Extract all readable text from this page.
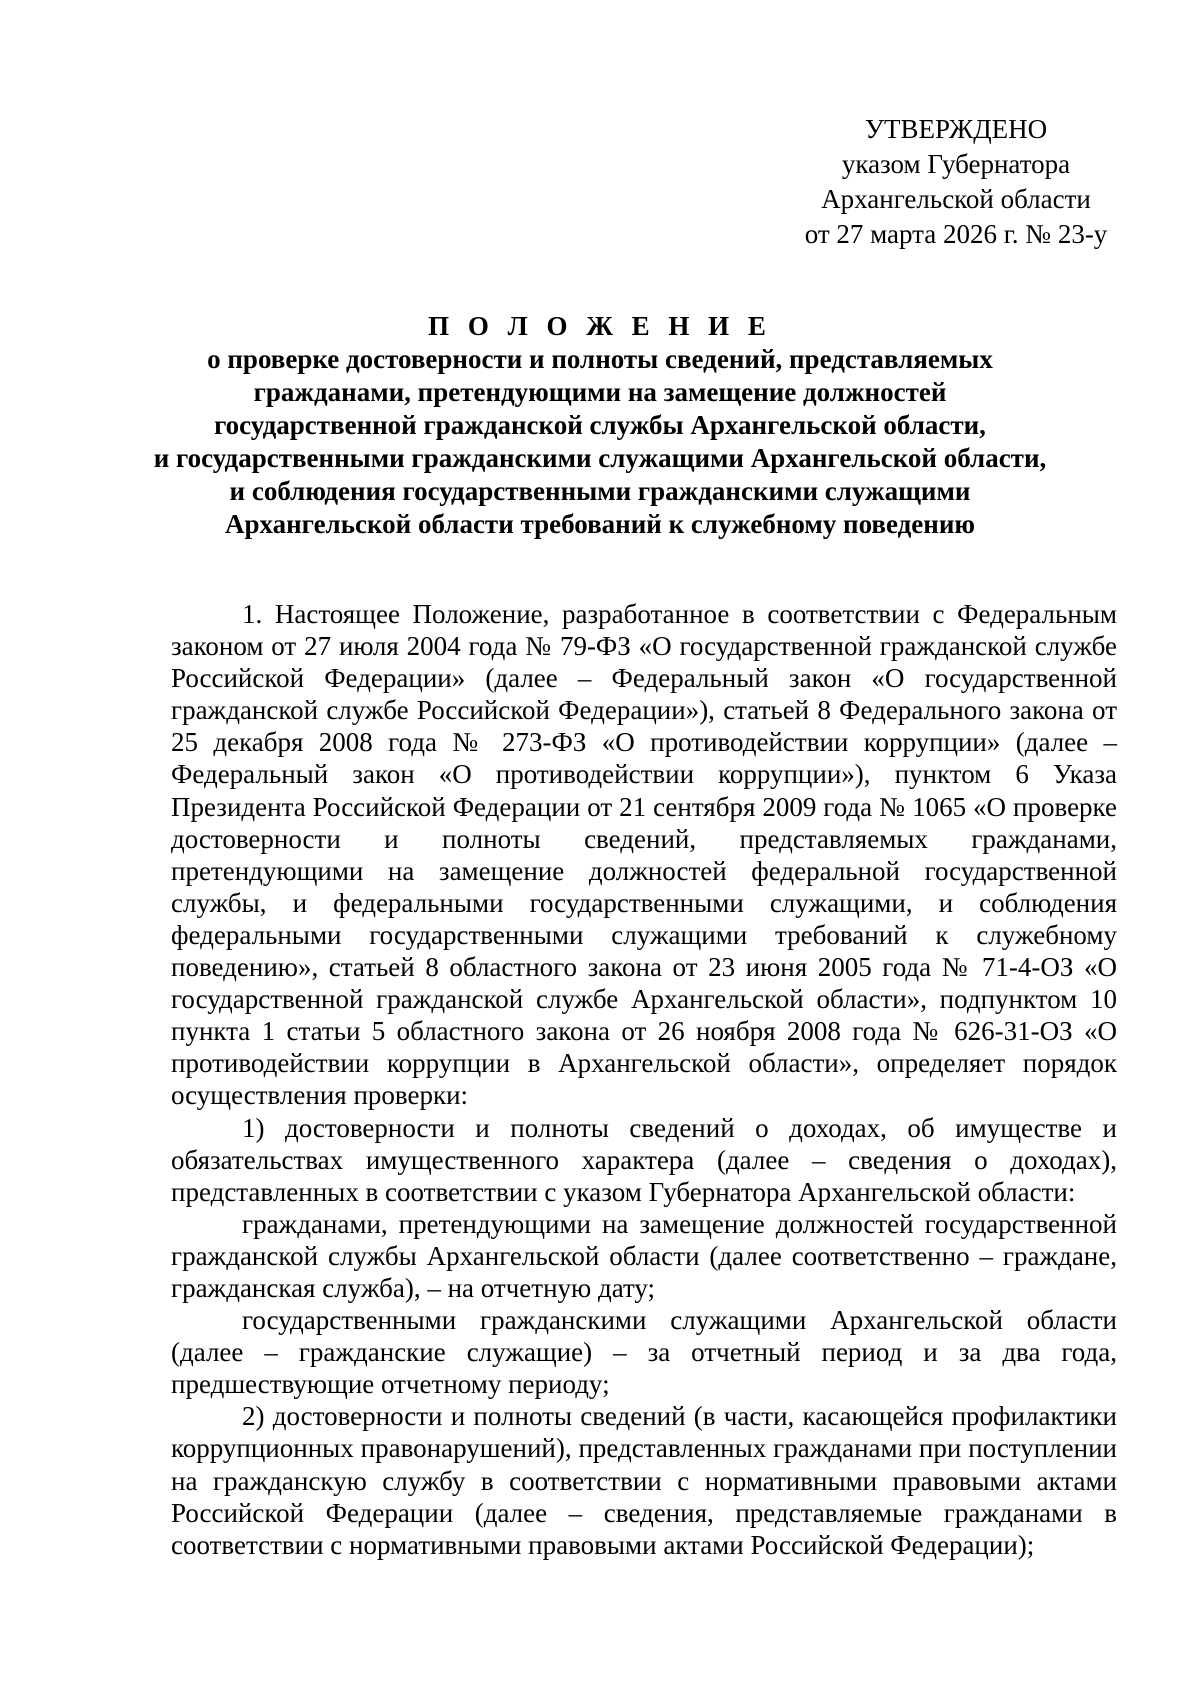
УТВЕРЖДЕНО
указом Губернатора
Архангельской области
от 27 марта 2026 г. № 23-у
П О Л О Ж Е Н И Е
о проверке достоверности и полноты сведений, представляемых
гражданами, претендующими на замещение должностей
государственной гражданской службы Архангельской области,
и государственными гражданскими служащими Архангельской области,
и соблюдения государственными гражданскими служащими
Архангельской области требований к служебному поведению

1. Настоящее Положение, разработанное в соответствии с Федеральным законом от 27 июля 2004 года № 79-ФЗ «О государственной гражданской службе Российской Федерации» (далее – Федеральный закон «О государственной гражданской службе Российской Федерации»), статьей 8 Федерального закона от 25 декабря 2008 года № 273-ФЗ «О противодействии коррупции» (далее – Федеральный закон «О противодействии коррупции»), пунктом 6 Указа Президента Российской Федерации от 21 сентября 2009 года № 1065 «О проверке достоверности и полноты сведений, представляемых гражданами, претендующими на замещение должностей федеральной государственной службы, и федеральными государственными служащими, и соблюдения федеральными государственными служащими требований к служебному поведению», статьей 8 областного закона от 23 июня 2005 года № 71-4-ОЗ «О государственной гражданской службе Архангельской области», подпунктом 10 пункта 1 статьи 5 областного закона от 26 ноября 2008 года № 626-31-ОЗ «О противодействии коррупции в Архангельской области», определяет порядок осуществления проверки:

1) достоверности и полноты сведений о доходах, об имуществе и обязательствах имущественного характера (далее – сведения о доходах), представленных в соответствии с указом Губернатора Архангельской области:

гражданами, претендующими на замещение должностей государственной гражданской службы Архангельской области (далее соответственно – граждане, гражданская служба), – на отчетную дату;

государственными гражданскими служащими Архангельской области (далее – гражданские служащие) – за отчетный период и за два года, предшествующие отчетному периоду;

2) достоверности и полноты сведений (в части, касающейся профилактики коррупционных правонарушений), представленных гражданами при поступлении на гражданскую службу в соответствии с нормативными правовыми актами Российской Федерации (далее – сведения, представляемые гражданами в соответствии с нормативными правовыми актами Российской Федерации);
